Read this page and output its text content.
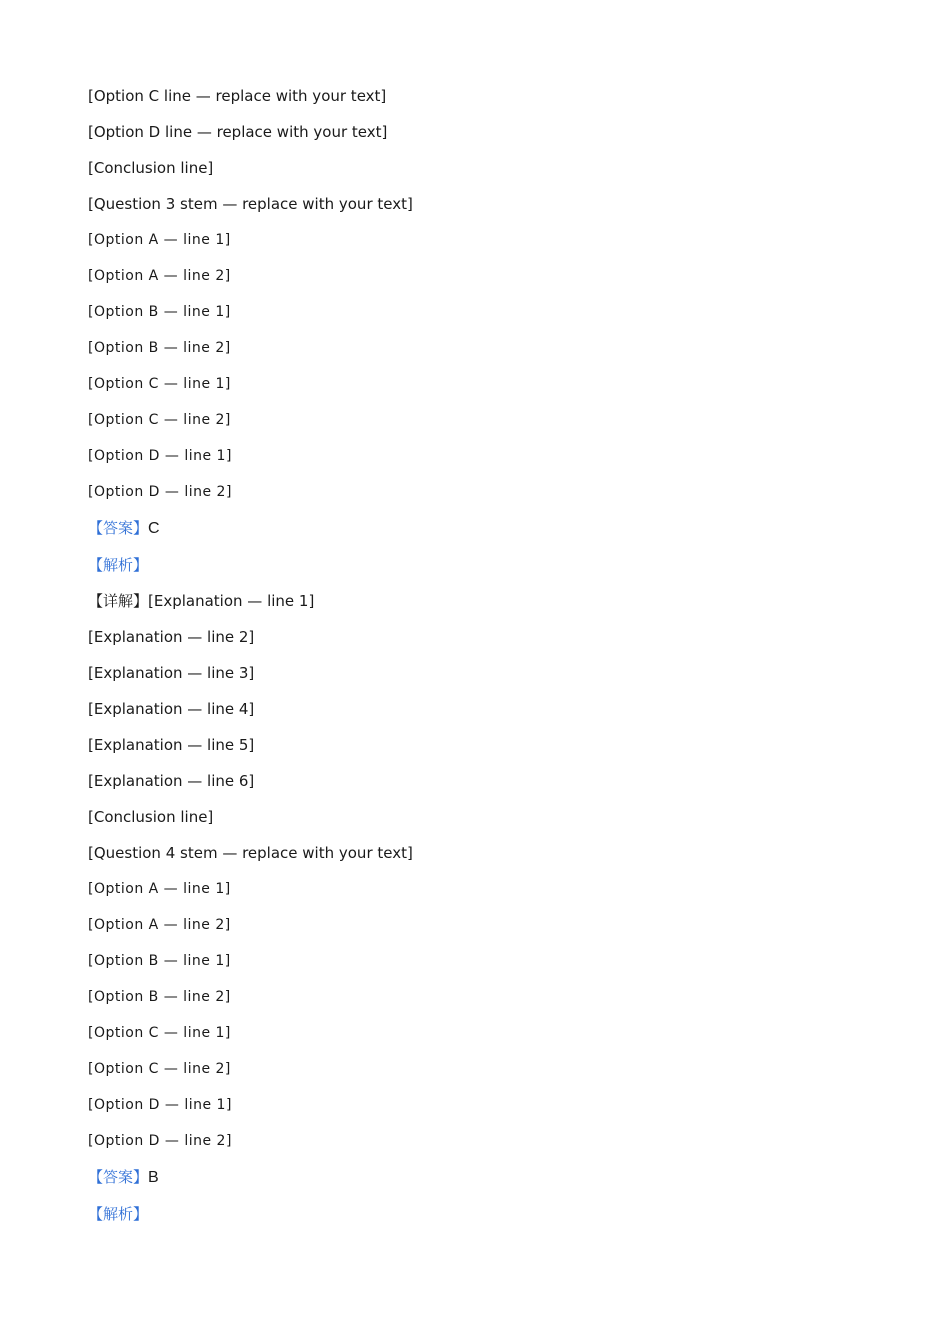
[Option C line — replace with your text]
[Option D line — replace with your text]
[Conclusion line]
[Question 3 stem — replace with your text]
[Option A — line 1]
[Option A — line 2]
[Option B — line 1]
[Option B — line 2]
[Option C — line 1]
[Option C — line 2]
[Option D — line 1]
[Option D — line 2]
【答案】C
【解析】
【详解】[Explanation — line 1]
[Explanation — line 2]
[Explanation — line 3]
[Explanation — line 4]
[Explanation — line 5]
[Explanation — line 6]
[Conclusion line]
[Question 4 stem — replace with your text]
[Option A — line 1]
[Option A — line 2]
[Option B — line 1]
[Option B — line 2]
[Option C — line 1]
[Option C — line 2]
[Option D — line 1]
[Option D — line 2]
【答案】B
【解析】
